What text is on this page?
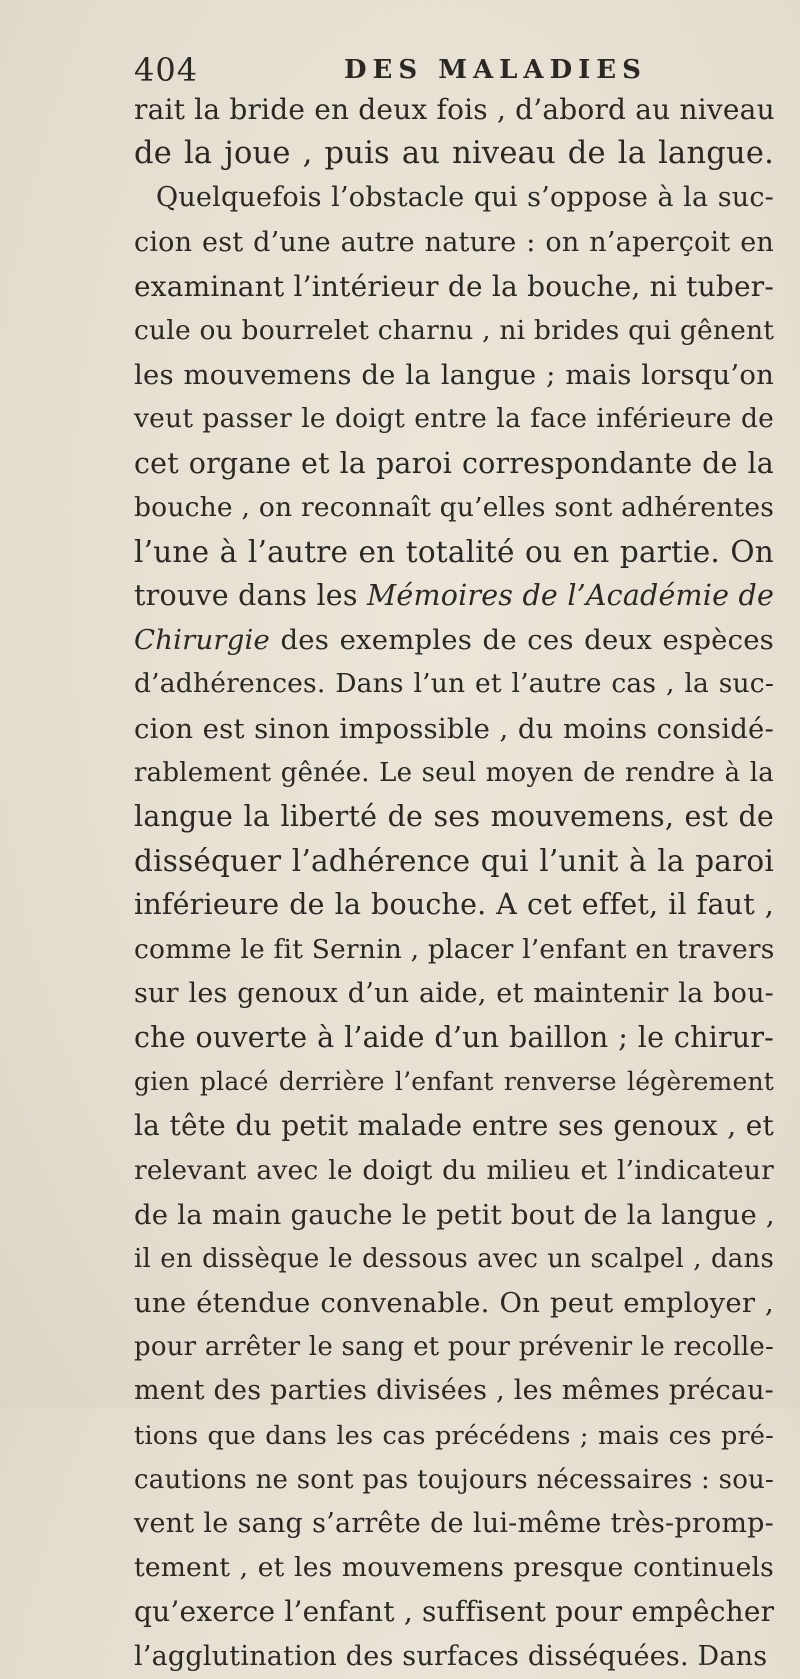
404	DES MALADIES
rait la bride en deux fois , d’abord au niveau
de la joue , puis au niveau de la langue.
Quelquefois l’obstacle qui s’oppose à la suc-
cion est d’une autre nature : on n’aperçoit en
examinant l’intérieur de la bouche, ni tuber-
cule ou bourrelet charnu , ni brides qui gênent
les mouvemens de la langue ; mais lorsqu’on
veut passer le doigt entre la face inférieure de
cet organe et la paroi correspondante de la
bouche , on reconnaît qu’elles sont adhérentes
l’une à l’autre en totalité ou en partie. On
trouve dans les Mémoires de l’Académie de
Chirurgie des exemples de ces deux espèces
d’adhérences. Dans l’un et l’autre cas , la suc-
cion est sinon impossible , du moins considé-
rablement gênée. Le seul moyen de rendre à la
langue la liberté de ses mouvemens, est de
disséquer l’adhérence qui l’unit à la paroi
inférieure de la bouche. A cet effet, il faut ,
comme le fit Sernin , placer l’enfant en travers
sur les genoux d’un aide, et maintenir la bou-
che ouverte à l’aide d’un baillon ; le chirur-
gien placé derrière l’enfant renverse légèrement
la tête du petit malade entre ses genoux , et
relevant avec le doigt du milieu et l’indicateur
de la main gauche le petit bout de la langue ,
il en dissèque le dessous avec un scalpel , dans
une étendue convenable. On peut employer ,
pour arrêter le sang et pour prévenir le recolle-
ment des parties divisées , les mêmes précau-
tions que dans les cas précédens ; mais ces pré-
cautions ne sont pas toujours nécessaires : sou-
vent le sang s’arrête de lui-même très-promp-
tement , et les mouvemens presque continuels
qu’exerce l’enfant , suffisent pour empêcher
l’agglutination des surfaces disséquées. Dans
